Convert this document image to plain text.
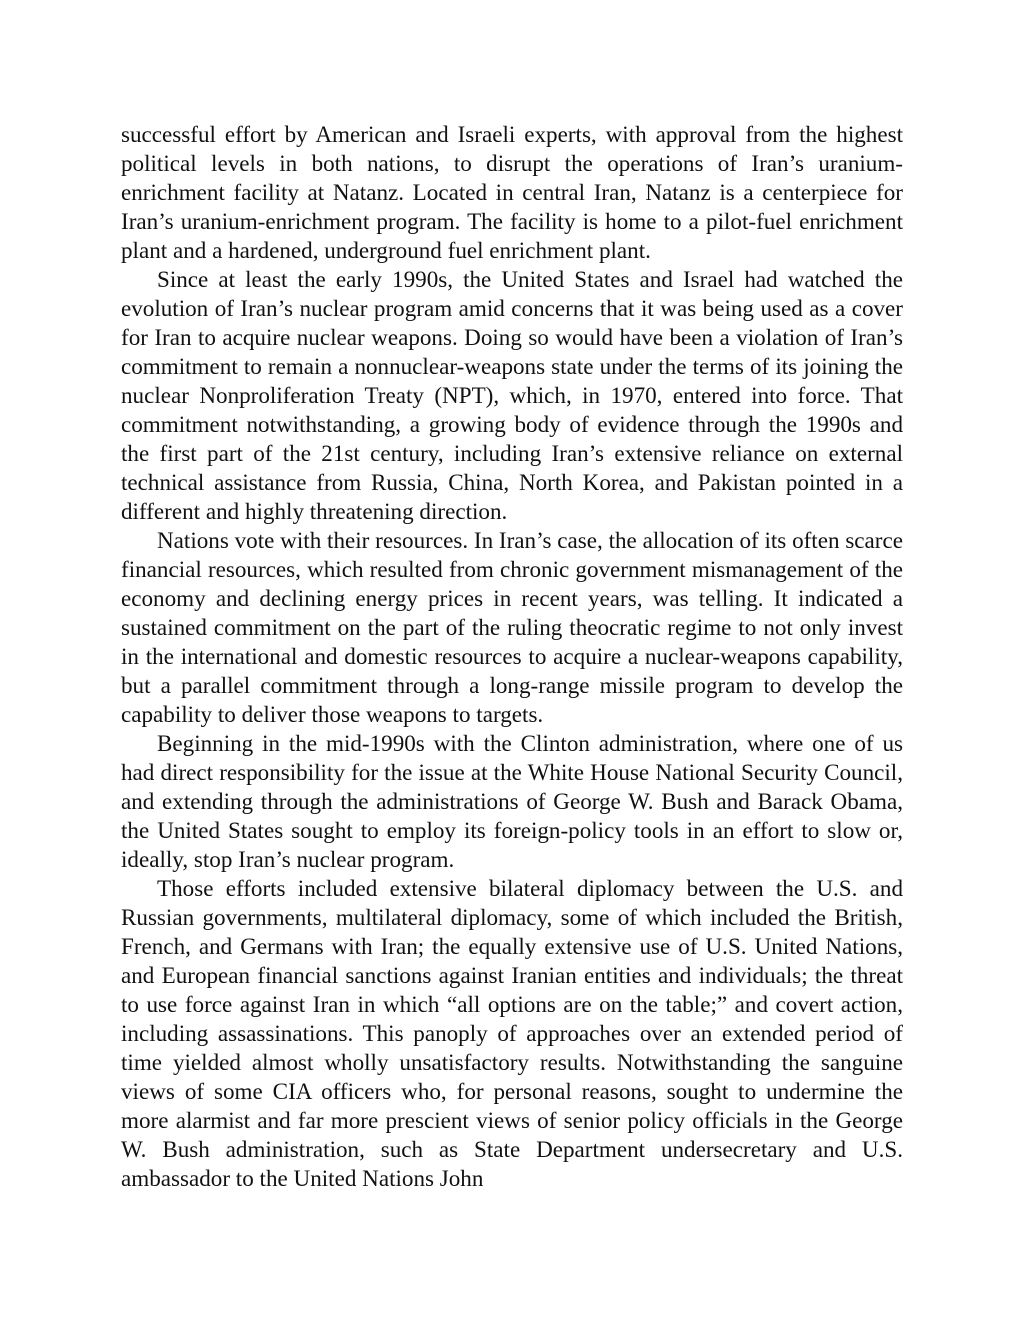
successful effort by American and Israeli experts, with approval from the highest political levels in both nations, to disrupt the operations of Iran’s uranium-enrichment facility at Natanz. Located in central Iran, Natanz is a centerpiece for Iran’s uranium-enrichment program. The facility is home to a pilot-fuel enrichment plant and a hardened, underground fuel enrichment plant.

Since at least the early 1990s, the United States and Israel had watched the evolution of Iran’s nuclear program amid concerns that it was being used as a cover for Iran to acquire nuclear weapons. Doing so would have been a violation of Iran’s commitment to remain a nonnuclear-weapons state under the terms of its joining the nuclear Nonproliferation Treaty (NPT), which, in 1970, entered into force. That commitment notwithstanding, a growing body of evidence through the 1990s and the first part of the 21st century, including Iran’s extensive reliance on external technical assistance from Russia, China, North Korea, and Pakistan pointed in a different and highly threatening direction.

Nations vote with their resources. In Iran’s case, the allocation of its often scarce financial resources, which resulted from chronic government mismanagement of the economy and declining energy prices in recent years, was telling. It indicated a sustained commitment on the part of the ruling theocratic regime to not only invest in the international and domestic resources to acquire a nuclear-weapons capability, but a parallel commitment through a long-range missile program to develop the capability to deliver those weapons to targets.

Beginning in the mid-1990s with the Clinton administration, where one of us had direct responsibility for the issue at the White House National Security Council, and extending through the administrations of George W. Bush and Barack Obama, the United States sought to employ its foreign-policy tools in an effort to slow or, ideally, stop Iran’s nuclear program.

Those efforts included extensive bilateral diplomacy between the U.S. and Russian governments, multilateral diplomacy, some of which included the British, French, and Germans with Iran; the equally extensive use of U.S. United Nations, and European financial sanctions against Iranian entities and individuals; the threat to use force against Iran in which “all options are on the table;” and covert action, including assassinations. This panoply of approaches over an extended period of time yielded almost wholly unsatisfactory results. Notwithstanding the sanguine views of some CIA officers who, for personal reasons, sought to undermine the more alarmist and far more prescient views of senior policy officials in the George W. Bush administration, such as State Department undersecretary and U.S. ambassador to the United Nations John
